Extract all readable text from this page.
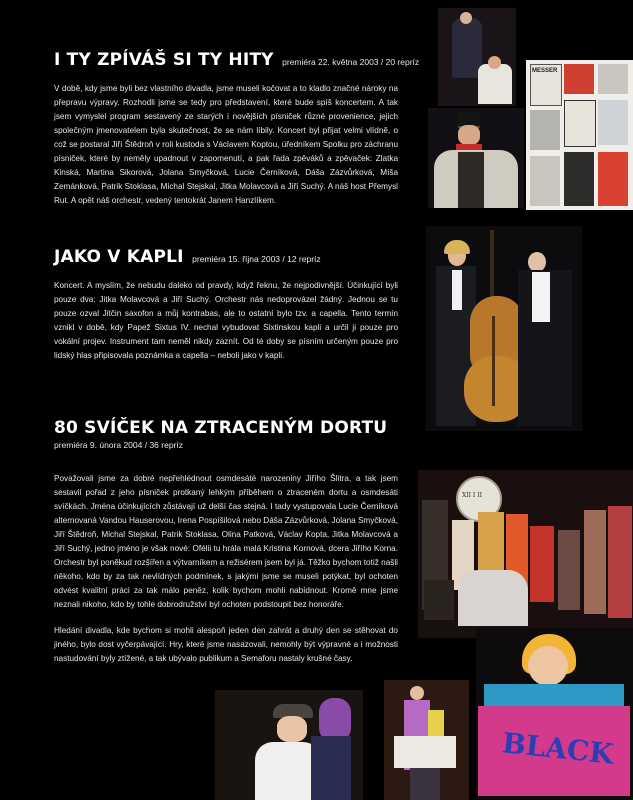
I TY ZPÍVÁŠ SI TY HITY premiéra 22. května 2003 / 20 repríz

V době, kdy jsme byli bez vlastního divadla, jsme museli kočovat a to kladlo značné nároky na přepravu výpravy. Rozhodli jsme se tedy pro představení, které bude spíš koncertem. A tak jsem vymyslel program sestavený ze starých i novějších písniček různé provenience, jejich společným jmenovatelem byla skutečnost, že se nám líbily. Koncert byl přijat velmi vlídně, o což se postaral Jiří Štědroň v roli kustoda s Václavem Koptou, úředníkem Spolku pro záchranu písniček, které by neměly upadnout v zapomenutí, a pak řada zpěváků a zpěvaček: Zlatka Kinská, Martina Sikorová, Jolana Smyčková, Lucie Černíková, Dáša Zázvůrková, Míša Zemánková, Patrik Stoklasa, Michal Stejskal, Jitka Molavcová a Jiří Suchý. A náš host Přemysl Rut. A opět náš orchestr, vedený tentokrát Janem Hanzlíkem.

JAKO V KAPLI premiéra 15. října 2003 / 12 repríz

Koncert. A myslím, že nebudu daleko od pravdy, když řeknu, že nejpodivnější. Účinkující byli pouze dva: Jitka Molavcová a Jiří Suchý. Orchestr nás nedoprovázel žádný. Jednou se tu pouze ozval Jitčin saxofon a můj kontrabas, ale to ostatní bylo tzv. a capella. Tento termín vznikl v době, kdy Papež Sixtus IV. nechal vybudovat Sixtinskou kapli a určil ji pouze pro vokální projev. Instrument tam neměl nikdy zaznít. Od té doby se písním určeným pouze pro lidský hlas připisovala poznámka a capella – neboli jako v kapli.

80 SVÍČEK NA ZTRACENÝM DORTU
premiéra 9. února 2004 / 36 repríz

Považovali jsme za dobré nepřehlédnout osmdesáté narozeniny Jiřího Šlitra, a tak jsem sestavil pořad z jeho písniček protkaný lehkým příběhem o ztraceném dortu a osmdesáti svíčkách. Jména účinkujících zůstávají už delší čas stejná. I tady vystupovala Lucie Černíková alternovaná Vandou Hauserovou, Irena Pospíšilová nebo Dáša Zázvůrková, Jolana Smyčková, Jiří Štědroň, Michal Stejskal, Patrik Stoklasa, Olina Patková, Václav Kopta, Jitka Molavcová a Jiří Suchý, jedno jméno je však nové: Ofélii tu hrála malá Kristina Kornová, dcera Jiřího Korna. Orchestr byl poněkud rozšířen a výtvarníkem a režisérem jsem byl já. Těžko bychom totiž našli někoho, kdo by za tak nevlídných podmínek, s jakými jsme se museli potýkat, byl ochoten odvést kvalitní práci za tak málo peněz, kolik bychom mohli nabídnout. Kromě mne jsme neznali nikoho, kdo by tohle dobrodružství byl ochoten podstoupit bez honoráře.

Hledání divadla, kde bychom si mohli alespoň jeden den zahrát a druhý den se stěhovat do jiného, bylo dost vyčerpávající. Hry, které jsme nasazovali, nemohly být výpravné a i možnosti nastudování byly ztížené, a tak ubývalo publikum a Semaforu nastaly krušné časy.

MESSER
XII I II
BLACK
